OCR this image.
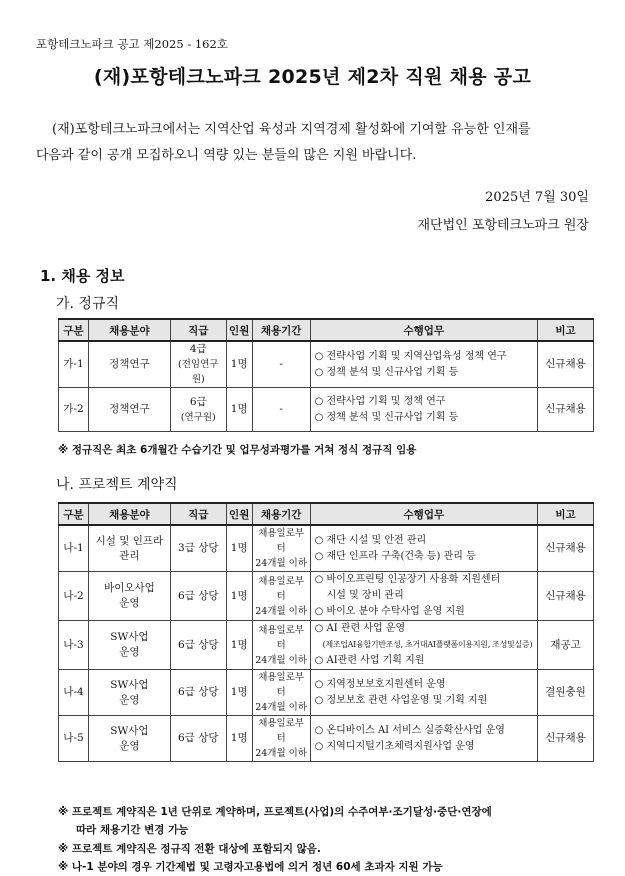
포항테크노파크 공고 제2025 - 162호
(재)포항테크노파크 2025년 제2차 직원 채용 공고
(재)포항테크노파크에서는 지역산업 육성과 지역경제 활성화에 기여할 유능한 인재를
다음과 같이 공개 모집하오니 역량 있는 분들의 많은 지원 바랍니다.
2025년 7월 30일
재단법인 포항테크노파크 원장
1. 채용 정보
가. 정규직
구분	채용분야	직급	인원	채용기간	수행업무	비고
가-1	정책연구	4급
(전임연구원)	1명	-	○ 전략사업 기획 및 지역산업육성 정책 연구
○ 정책 분석 및 신규사업 기획 등	신규채용
가-2	정책연구	6급
(연구원)	1명	-	○ 전략사업 기획 및 정책 연구
○ 정책 분석 및 신규사업 기획 등	신규채용
※ 정규직은 최초 6개월간 수습기간 및 업무성과평가를 거쳐 정식 정규직 임용
나. 프로젝트 계약직
구분	채용분야	직급	인원	채용기간	수행업무	비고
나-1	시설 및 인프라
관리	3급 상당	1명	채용일로부터
24개월 이하	○ 재단 시설 및 안전 관리
○ 재단 인프라 구축(건축 등) 관리 등	신규채용
나-2	바이오사업
운영	6급 상당	1명	채용일로부터
24개월 이하	○ 바이오프린팅 인공장기 사용화 지원센터
시설 및 장비 관리
○ 바이오 분야 수탁사업 운영 지원	신규채용
나-3	SW사업
운영	6급 상당	1명	채용일로부터
24개월 이하	○ AI 관련 사업 운영
(제조업AI융합기반조성, 초거대AI플랫폼이용지원, 조성및실증)
○ AI관련 사업 기획 지원	재공고
나-4	SW사업
운영	6급 상당	1명	채용일로부터
24개월 이하	○ 지역정보보호지원센터 운영
○ 정보보호 관련 사업운영 및 기획 지원	결원충원
나-5	SW사업
운영	6급 상당	1명	채용일로부터
24개월 이하	○ 온디바이스 AI 서비스 실증확산사업 운영
○ 지역디지털기초체력지원사업 운영	신규채용
※ 프로젝트 계약직은 1년 단위로 계약하며, 프로젝트(사업)의 수주여부·조기달성·중단·연장에
따라 채용기간 변경 가능
※ 프로젝트 계약직은 정규직 전환 대상에 포함되지 않음.
※ 나-1 분야의 경우 기간제법 및 고령자고용법에 의거 정년 60세 초과자 지원 가능
